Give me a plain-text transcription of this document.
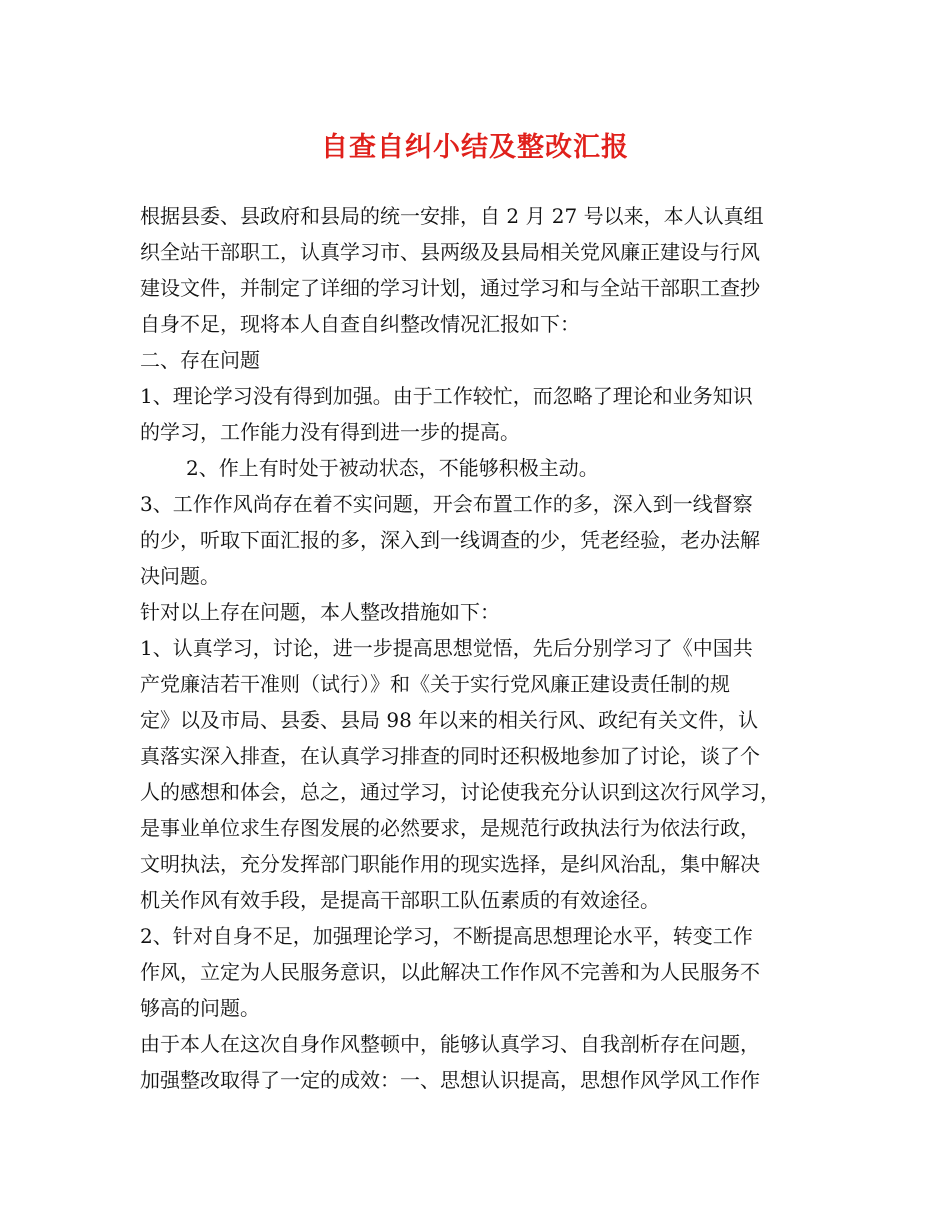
自查自纠小结及整改汇报

根据县委、县政府和县局的统一安排，自 2 月 27 号以来，本人认真组

织全站干部职工，认真学习市、县两级及县局相关党风廉正建设与行风

建设文件，并制定了详细的学习计划，通过学习和与全站干部职工查抄

自身不足，现将本人自查自纠整改情况汇报如下：

二、存在问题

1、理论学习没有得到加强。由于工作较忙，而忽略了理论和业务知识

的学习，工作能力没有得到进一步的提高。

2、作上有时处于被动状态，不能够积极主动。

3、工作作风尚存在着不实问题，开会布置工作的多，深入到一线督察

的少，听取下面汇报的多，深入到一线调查的少，凭老经验，老办法解

决问题。

针对以上存在问题，本人整改措施如下：

1、认真学习，讨论，进一步提高思想觉悟，先后分别学习了《中国共

产党廉洁若干准则（试行）》和《关于实行党风廉正建设责任制的规

定》以及市局、县委、县局 98 年以来的相关行风、政纪有关文件，认

真落实深入排查，在认真学习排查的同时还积极地参加了讨论，谈了个

人的感想和体会，总之，通过学习，讨论使我充分认识到这次行风学习，

是事业单位求生存图发展的必然要求，是规范行政执法行为依法行政，

文明执法，充分发挥部门职能作用的现实选择，是纠风治乱，集中解决

机关作风有效手段，是提高干部职工队伍素质的有效途径。

2、针对自身不足，加强理论学习，不断提高思想理论水平，转变工作

作风，立定为人民服务意识，以此解决工作作风不完善和为人民服务不

够高的问题。

由于本人在这次自身作风整顿中，能够认真学习、自我剖析存在问题，

加强整改取得了一定的成效：一、思想认识提高，思想作风学风工作作
